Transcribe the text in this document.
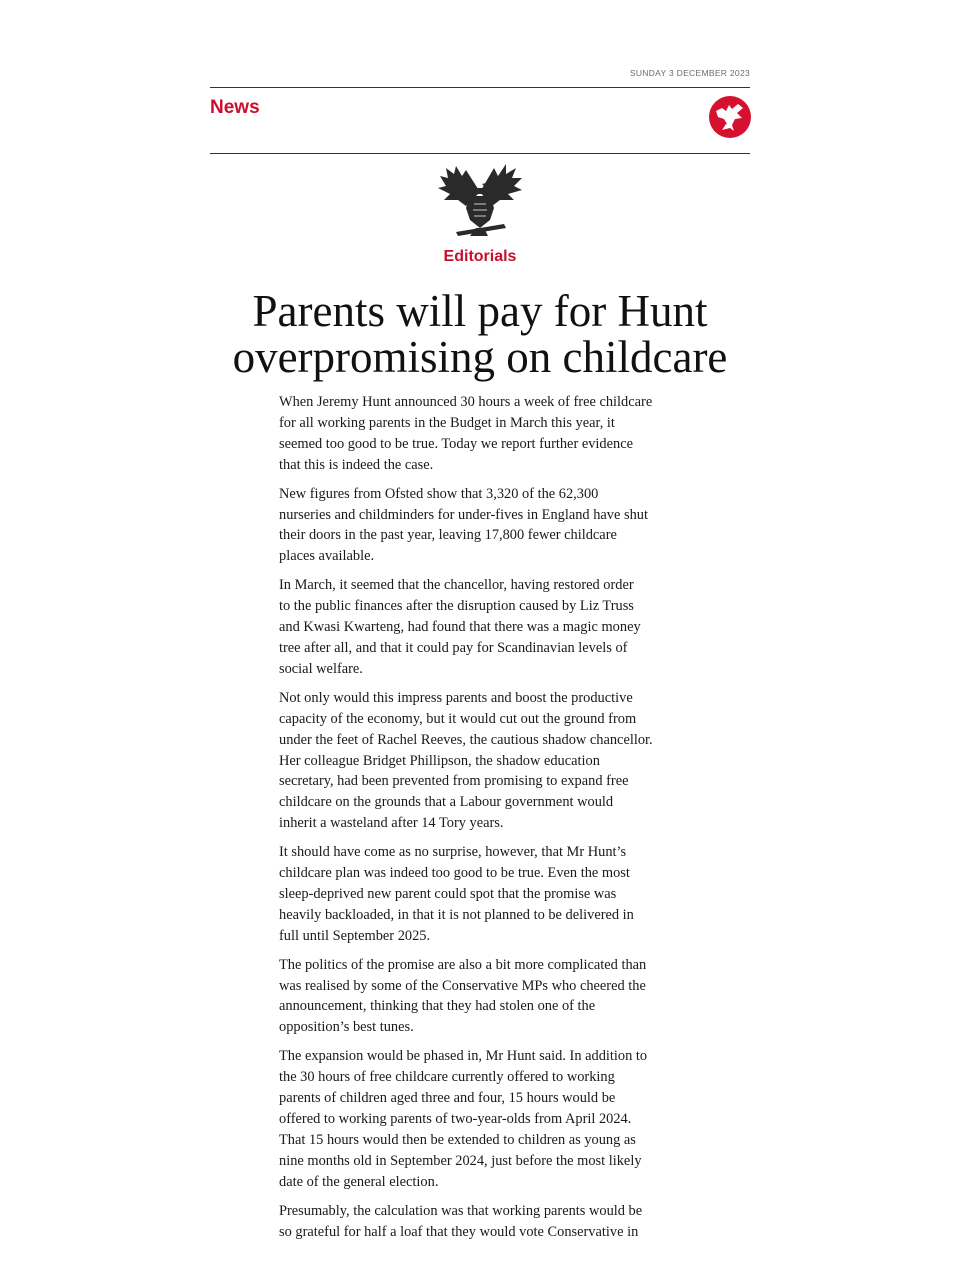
SUNDAY 3 DECEMBER 2023
News
Editorials
Parents will pay for Hunt
overpromising on childcare

When Jeremy Hunt announced 30 hours a week of free childcare
for all working parents in the Budget in March this year, it
seemed too good to be true. Today we report further evidence
that this is indeed the case.

New figures from Ofsted show that 3,320 of the 62,300
nurseries and childminders for under-fives in England have shut
their doors in the past year, leaving 17,800 fewer childcare
places available.

In March, it seemed that the chancellor, having restored order
to the public finances after the disruption caused by Liz Truss
and Kwasi Kwarteng, had found that there was a magic money
tree after all, and that it could pay for Scandinavian levels of
social welfare.

Not only would this impress parents and boost the productive
capacity of the economy, but it would cut out the ground from
under the feet of Rachel Reeves, the cautious shadow chancellor.
Her colleague Bridget Phillipson, the shadow education
secretary, had been prevented from promising to expand free
childcare on the grounds that a Labour government would
inherit a wasteland after 14 Tory years.

It should have come as no surprise, however, that Mr Hunt’s
childcare plan was indeed too good to be true. Even the most
sleep-deprived new parent could spot that the promise was
heavily backloaded, in that it is not planned to be delivered in
full until September 2025.

The politics of the promise are also a bit more complicated than
was realised by some of the Conservative MPs who cheered the
announcement, thinking that they had stolen one of the
opposition’s best tunes.

The expansion would be phased in, Mr Hunt said. In addition to
the 30 hours of free childcare currently offered to working
parents of children aged three and four, 15 hours would be
offered to working parents of two-year-olds from April 2024.
That 15 hours would then be extended to children as young as
nine months old in September 2024, just before the most likely
date of the general election.

Presumably, the calculation was that working parents would be
so grateful for half a loaf that they would vote Conservative in
